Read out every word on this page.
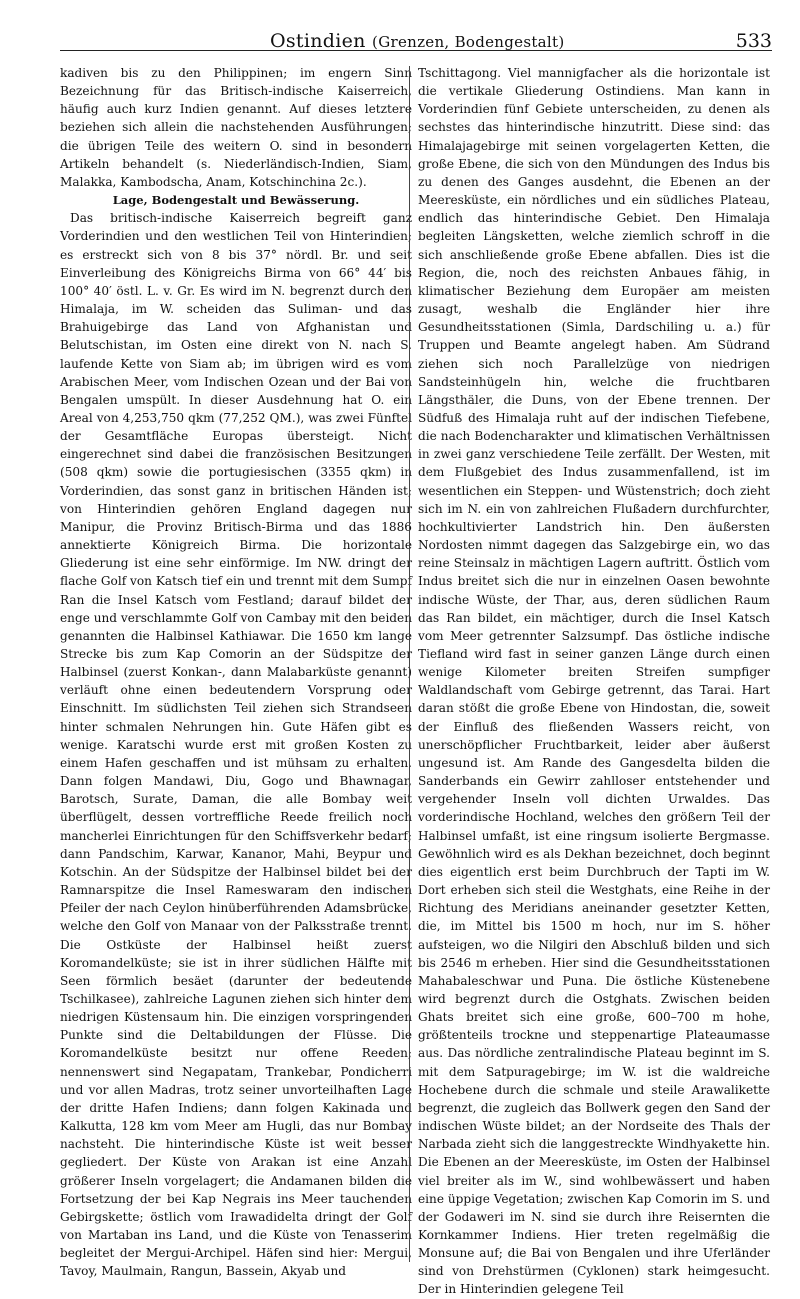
Ostindien (Grenzen, Bodengestalt)	533

kadiven bis zu den Philippinen; im engern Sinn Bezeichnung für das Britisch-indische Kaiserreich, häufig auch kurz Indien genannt. Auf dieses letztere beziehen sich allein die nachstehenden Ausführungen; die übrigen Teile des weitern O. sind in besondern Artikeln behandelt (s. Niederländisch-Indien, Siam, Malakka, Kambodscha, Anam, Kotschinchina 2c.).

Lage, Bodengestalt und Bewässerung.

Das britisch-indische Kaiserreich begreift ganz Vorderindien und den westlichen Teil von Hinterindien; es erstreckt sich von 8 bis 37° nördl. Br. und seit Einverleibung des Königreichs Birma von 66° 44′ bis 100° 40′ östl. L. v. Gr. Es wird im N. begrenzt durch den Himalaja, im W. scheiden das Suliman- und das Brahuigebirge das Land von Afghanistan und Belutschistan, im Osten eine direkt von N. nach S. laufende Kette von Siam ab; im übrigen wird es vom Arabischen Meer, vom Indischen Ozean und der Bai von Bengalen umspült. In dieser Ausdehnung hat O. ein Areal von 4,253,750 qkm (77,252 QM.), was zwei Fünftel der Gesamtfläche Europas übersteigt. Nicht eingerechnet sind dabei die französischen Besitzungen (508 qkm) sowie die portugiesischen (3355 qkm) in Vorderindien, das sonst ganz in britischen Händen ist; von Hinterindien gehören England dagegen nur Manipur, die Provinz Britisch-Birma und das 1886 annektierte Königreich Birma. Die horizontale Gliederung ist eine sehr einförmige. Im NW. dringt der flache Golf von Katsch tief ein und trennt mit dem Sumpf Ran die Insel Katsch vom Festland; darauf bildet der enge und verschlammte Golf von Cambay mit den beiden genannten die Halbinsel Kathiawar. Die 1650 km lange Strecke bis zum Kap Comorin an der Südspitze der Halbinsel (zuerst Konkan-, dann Malabarküste genannt) verläuft ohne einen bedeutendern Vorsprung oder Einschnitt. Im südlichsten Teil ziehen sich Strandseen hinter schmalen Nehrungen hin. Gute Häfen gibt es wenige. Karatschi wurde erst mit großen Kosten zu einem Hafen geschaffen und ist mühsam zu erhalten. Dann folgen Mandawi, Diu, Gogo und Bhawnagar, Barotsch, Surate, Daman, die alle Bombay weit überflügelt, dessen vortreffliche Reede freilich noch mancherlei Einrichtungen für den Schiffsverkehr bedarf; dann Pandschim, Karwar, Kananor, Mahi, Beypur und Kotschin. An der Südspitze der Halbinsel bildet bei der Ramnarspitze die Insel Rameswaram den indischen Pfeiler der nach Ceylon hinüberführenden Adamsbrücke, welche den Golf von Manaar von der Palksstraße trennt. Die Ostküste der Halbinsel heißt zuerst Koromandelküste; sie ist in ihrer südlichen Hälfte mit Seen förmlich besäet (darunter der bedeutende Tschilkasee), zahlreiche Lagunen ziehen sich hinter dem niedrigen Küstensaum hin. Die einzigen vorspringenden Punkte sind die Deltabildungen der Flüsse. Die Koromandelküste besitzt nur offene Reeden; nennenswert sind Negapatam, Trankebar, Pondicherri und vor allen Madras, trotz seiner unvorteilhaften Lage der dritte Hafen Indiens; dann folgen Kakinada und Kalkutta, 128 km vom Meer am Hugli, das nur Bombay nachsteht. Die hinterindische Küste ist weit besser gegliedert. Der Küste von Arakan ist eine Anzahl größerer Inseln vorgelagert; die Andamanen bilden die Fortsetzung der bei Kap Negrais ins Meer tauchenden Gebirgskette; östlich vom Irawadidelta dringt der Golf von Martaban ins Land, und die Küste von Tenasserim begleitet der Mergui-Archipel. Häfen sind hier: Mergui, Tavoy, Maulmain, Rangun, Bassein, Akyab und

Tschittagong. Viel mannigfacher als die horizontale ist die vertikale Gliederung Ostindiens. Man kann in Vorderindien fünf Gebiete unterscheiden, zu denen als sechstes das hinterindische hinzutritt. Diese sind: das Himalajagebirge mit seinen vorgelagerten Ketten, die große Ebene, die sich von den Mündungen des Indus bis zu denen des Ganges ausdehnt, die Ebenen an der Meeresküste, ein nördliches und ein südliches Plateau, endlich das hinterindische Gebiet. Den Himalaja begleiten Längsketten, welche ziemlich schroff in die sich anschließende große Ebene abfallen. Dies ist die Region, die, noch des reichsten Anbaues fähig, in klimatischer Beziehung dem Europäer am meisten zusagt, weshalb die Engländer hier ihre Gesundheitsstationen (Simla, Dardschiling u. a.) für Truppen und Beamte angelegt haben. Am Südrand ziehen sich noch Parallelzüge von niedrigen Sandsteinhügeln hin, welche die fruchtbaren Längsthäler, die Duns, von der Ebene trennen. Der Südfuß des Himalaja ruht auf der indischen Tiefebene, die nach Bodencharakter und klimatischen Verhältnissen in zwei ganz verschiedene Teile zerfällt. Der Westen, mit dem Flußgebiet des Indus zusammenfallend, ist im wesentlichen ein Steppen- und Wüstenstrich; doch zieht sich im N. ein von zahlreichen Flußadern durchfurchter, hochkultivierter Landstrich hin. Den äußersten Nordosten nimmt dagegen das Salzgebirge ein, wo das reine Steinsalz in mächtigen Lagern auftritt. Östlich vom Indus breitet sich die nur in einzelnen Oasen bewohnte indische Wüste, der Thar, aus, deren südlichen Raum das Ran bildet, ein mächtiger, durch die Insel Katsch vom Meer getrennter Salzsumpf. Das östliche indische Tiefland wird fast in seiner ganzen Länge durch einen wenige Kilometer breiten Streifen sumpfiger Waldlandschaft vom Gebirge getrennt, das Tarai. Hart daran stößt die große Ebene von Hindostan, die, soweit der Einfluß des fließenden Wassers reicht, von unerschöpflicher Fruchtbarkeit, leider aber äußerst ungesund ist. Am Rande des Gangesdelta bilden die Sanderbands ein Gewirr zahlloser entstehender und vergehender Inseln voll dichten Urwaldes. Das vorderindische Hochland, welches den größern Teil der Halbinsel umfaßt, ist eine ringsum isolierte Bergmasse. Gewöhnlich wird es als Dekhan bezeichnet, doch beginnt dies eigentlich erst beim Durchbruch der Tapti im W. Dort erheben sich steil die Westghats, eine Reihe in der Richtung des Meridians aneinander gesetzter Ketten, die, im Mittel bis 1500 m hoch, nur im S. höher aufsteigen, wo die Nilgiri den Abschluß bilden und sich bis 2546 m erheben. Hier sind die Gesundheitsstationen Mahabaleschwar und Puna. Die östliche Küstenebene wird begrenzt durch die Ostghats. Zwischen beiden Ghats breitet sich eine große, 600–700 m hohe, größtenteils trockne und steppenartige Plateaumasse aus. Das nördliche zentralindische Plateau beginnt im S. mit dem Satpuragebirge; im W. ist die waldreiche Hochebene durch die schmale und steile Arawalikette begrenzt, die zugleich das Bollwerk gegen den Sand der indischen Wüste bildet; an der Nordseite des Thals der Narbada zieht sich die langgestreckte Windhyakette hin. Die Ebenen an der Meeresküste, im Osten der Halbinsel viel breiter als im W., sind wohlbewässert und haben eine üppige Vegetation; zwischen Kap Comorin im S. und der Godaweri im N. sind sie durch ihre Reisernten die Kornkammer Indiens. Hier treten regelmäßig die Monsune auf; die Bai von Bengalen und ihre Uferländer sind von Drehstürmen (Cyklonen) stark heimgesucht. Der in Hinterindien gelegene Teil
